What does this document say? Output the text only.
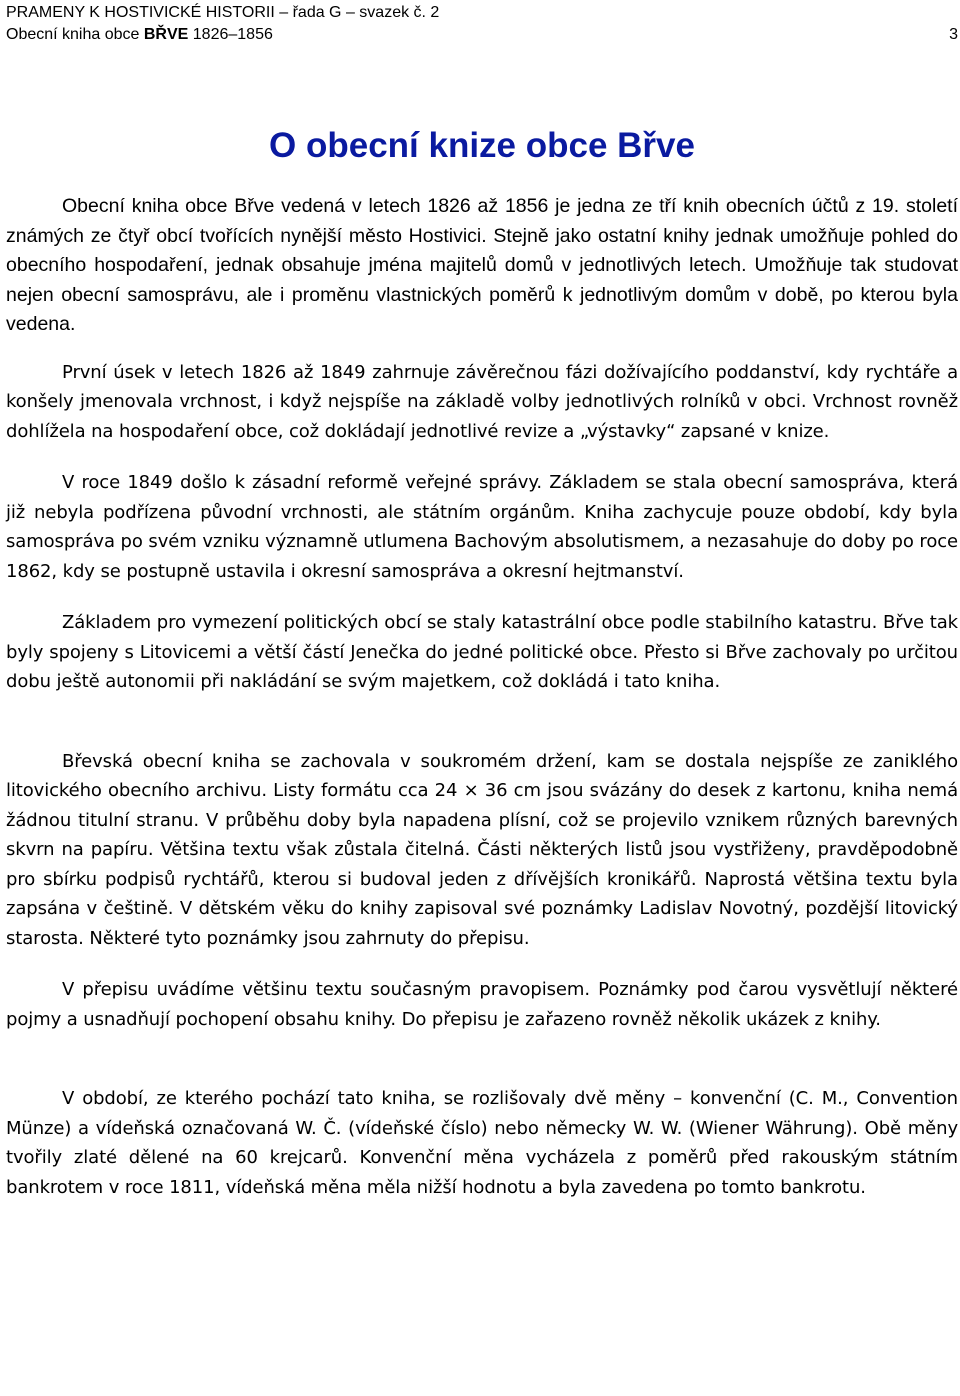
PRAMENY K HOSTIVICKÉ HISTORII – řada G – svazek č. 2
Obecní kniha obce BŘVE 1826–1856	3
O obecní knize obce Břve

Obecní kniha obce Břve vedená v letech 1826 až 1856 je jedna ze tří knih obecních účtů z 19. století známých ze čtyř obcí tvořících nynější město Hostivici. Stejně jako ostatní knihy jednak umožňuje pohled do obecního hospodaření, jednak obsahuje jména majitelů domů v jednotlivých letech. Umožňuje tak studovat nejen obecní samosprávu, ale i proměnu vlastnických poměrů k jednotlivým domům v době, po kterou byla vedena.

První úsek v letech 1826 až 1849 zahrnuje závěrečnou fázi dožívajícího poddanství, kdy rychtáře a konšely jmenovala vrchnost, i když nejspíše na základě volby jednotlivých rolníků v obci. Vrchnost rovněž dohlížela na hospodaření obce, což dokládají jednotlivé revize a „výstavky“ zapsané v knize.

V roce 1849 došlo k zásadní reformě veřejné správy. Základem se stala obecní samospráva, která již nebyla podřízena původní vrchnosti, ale státním orgánům. Kniha zachycuje pouze období, kdy byla samospráva po svém vzniku významně utlumena Bachovým absolutismem, a nezasahuje do doby po roce 1862, kdy se postupně ustavila i okresní samospráva a okresní hejtmanství.

Základem pro vymezení politických obcí se staly katastrální obce podle stabilního katastru. Břve tak byly spojeny s Litovicemi a větší částí Jenečka do jedné politické obce. Přesto si Břve zachovaly po určitou dobu ještě autonomii při nakládání se svým majetkem, což dokládá i tato kniha.

Břevská obecní kniha se zachovala v soukromém držení, kam se dostala nejspíše ze zaniklého litovického obecního archivu. Listy formátu cca 24 × 36 cm jsou svázány do desek z kartonu, kniha nemá žádnou titulní stranu. V průběhu doby byla napadena plísní, což se projevilo vznikem různých barevných skvrn na papíru. Většina textu však zůstala čitelná. Části některých listů jsou vystřiženy, pravděpodobně pro sbírku podpisů rychtářů, kterou si budoval jeden z dřívějších kronikářů. Naprostá většina textu byla zapsána v češtině. V dětském věku do knihy zapisoval své poznámky Ladislav Novotný, pozdější litovický starosta. Některé tyto poznámky jsou zahrnuty do přepisu.

V přepisu uvádíme většinu textu současným pravopisem. Poznámky pod čarou vysvětlují některé pojmy a usnadňují pochopení obsahu knihy. Do přepisu je zařazeno rovněž několik ukázek z knihy.

V období, ze kterého pochází tato kniha, se rozlišovaly dvě měny – konvenční (C. M., Convention Münze) a vídeňská označovaná W. Č. (vídeňské číslo) nebo německy W. W. (Wiener Währung). Obě měny tvořily zlaté dělené na 60 krejcarů. Konvenční měna vycházela z poměrů před rakouským státním bankrotem v roce 1811, vídeňská měna měla nižší hodnotu a byla zavedena po tomto bankrotu.
